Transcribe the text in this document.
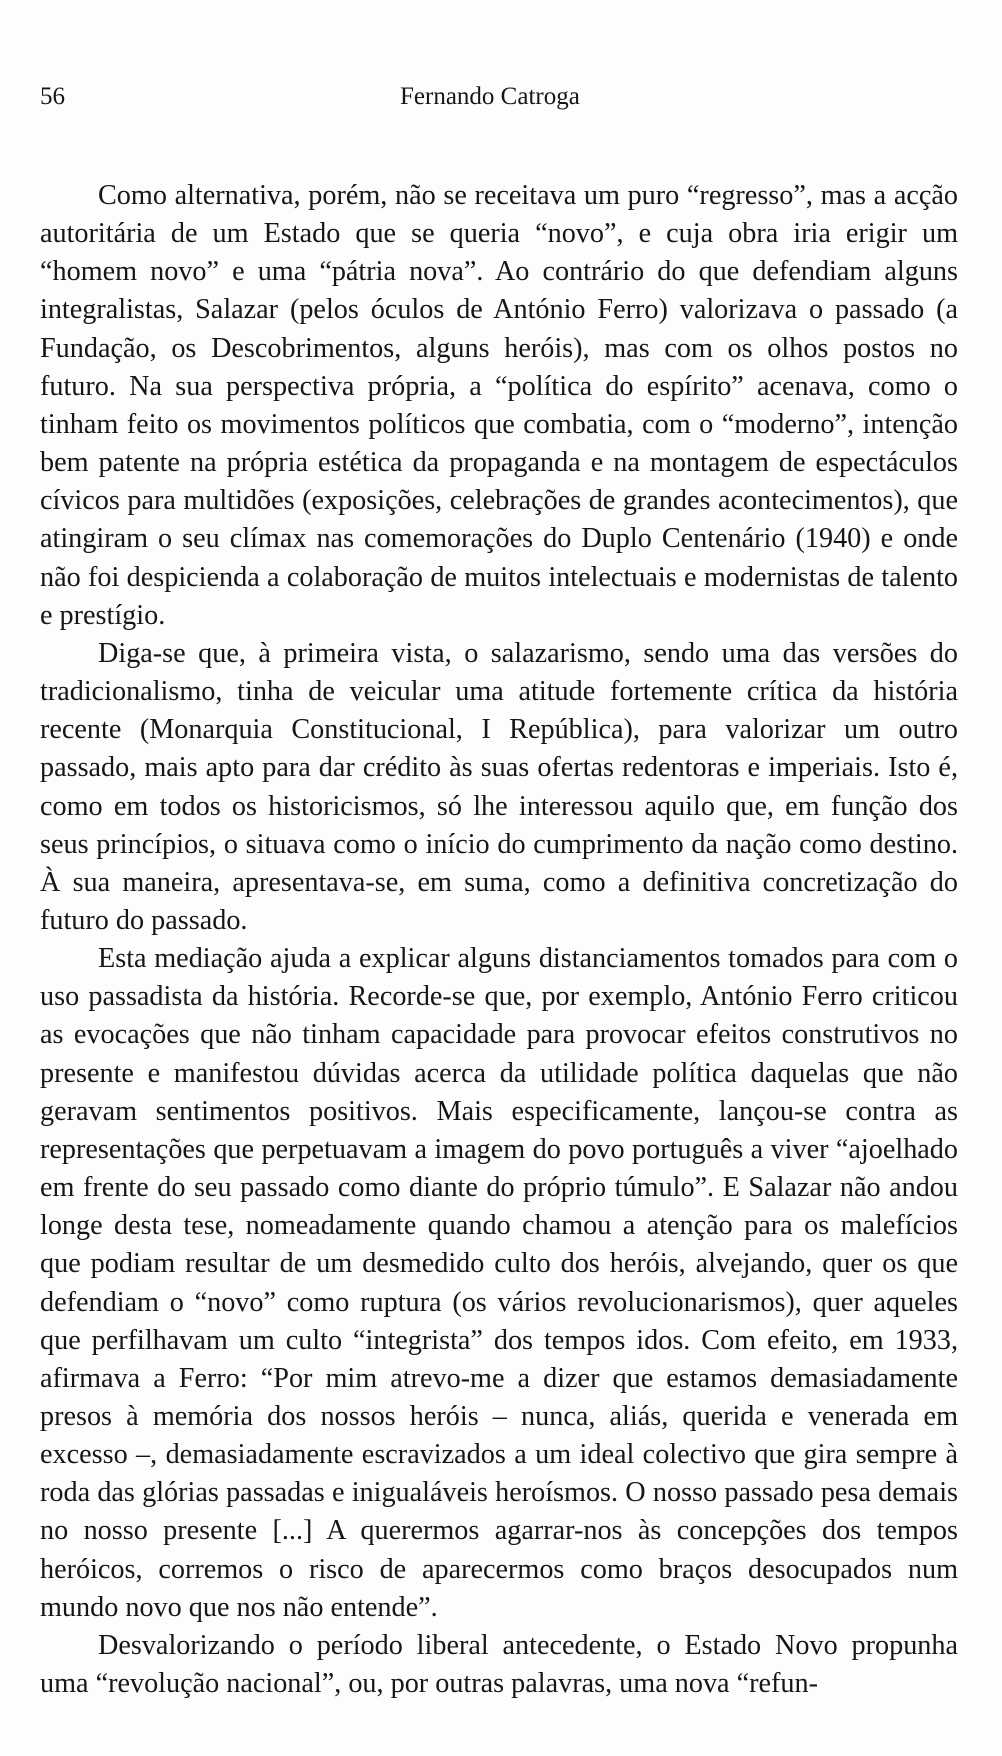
56	Fernando Catroga

Como alternativa, porém, não se receitava um puro “regresso”, mas a acção autoritária de um Estado que se queria “novo”, e cuja obra iria erigir um “homem novo” e uma “pátria nova”. Ao contrário do que defendiam alguns integralistas, Salazar (pelos óculos de António Ferro) valorizava o passado (a Fundação, os Descobrimentos, alguns heróis), mas com os olhos postos no futuro. Na sua perspectiva própria, a “política do espírito” acenava, como o tinham feito os movimentos políticos que combatia, com o “moderno”, intenção bem patente na própria estética da propaganda e na montagem de espectáculos cívicos para multidões (exposições, celebrações de grandes acontecimentos), que atingiram o seu clímax nas comemorações do Duplo Centenário (1940) e onde não foi despicienda a colaboração de muitos intelectuais e modernistas de talento e prestígio.

Diga-se que, à primeira vista, o salazarismo, sendo uma das versões do tradicionalismo, tinha de veicular uma atitude fortemente crítica da história recente (Monarquia Constitucional, I República), para valorizar um outro passado, mais apto para dar crédito às suas ofertas redentoras e imperiais. Isto é, como em todos os historicismos, só lhe interessou aquilo que, em função dos seus princípios, o situava como o início do cumprimento da nação como destino. À sua maneira, apresentava-se, em suma, como a definitiva concretização do futuro do passado.

Esta mediação ajuda a explicar alguns distanciamentos tomados para com o uso passadista da história. Recorde-se que, por exemplo, António Ferro criticou as evocações que não tinham capacidade para provocar efeitos construtivos no presente e manifestou dúvidas acerca da utilidade política daquelas que não geravam sentimentos positivos. Mais especificamente, lançou-se contra as representações que perpetuavam a imagem do povo português a viver “ajoelhado em frente do seu passado como diante do próprio túmulo”. E Salazar não andou longe desta tese, nomeadamente quando chamou a atenção para os malefícios que podiam resultar de um desmedido culto dos heróis, alvejando, quer os que defendiam o “novo” como ruptura (os vários revolucionarismos), quer aqueles que perfilhavam um culto “integrista” dos tempos idos. Com efeito, em 1933, afirmava a Ferro: “Por mim atrevo-me a dizer que estamos demasiadamente presos à memória dos nossos heróis – nunca, aliás, querida e venerada em excesso –, demasiadamente escravizados a um ideal colectivo que gira sempre à roda das glórias passadas e inigualáveis heroísmos. O nosso passado pesa demais no nosso presente [...] A querermos agarrar-nos às concepções dos tempos heróicos, corremos o risco de aparecermos como braços desocupados num mundo novo que nos não entende”.

Desvalorizando o período liberal antecedente, o Estado Novo propunha uma “revolução nacional”, ou, por outras palavras, uma nova “refun-
